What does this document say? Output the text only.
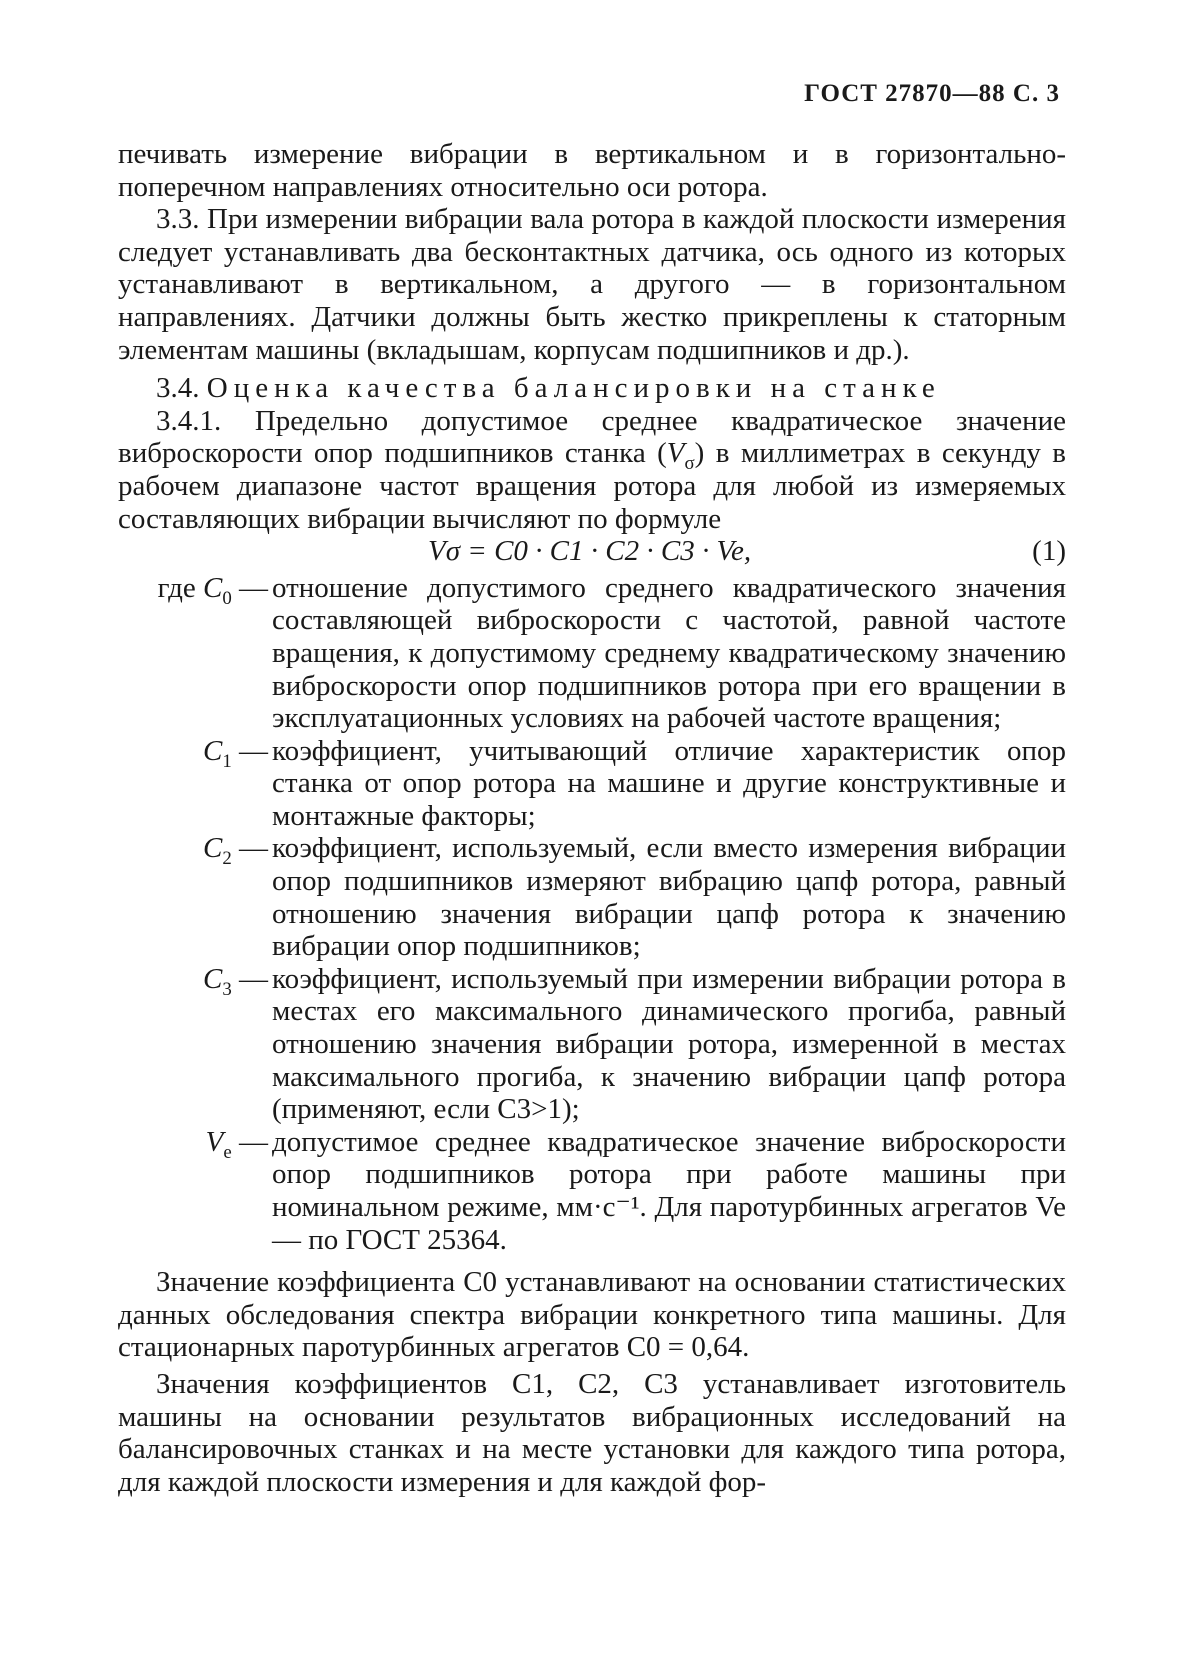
ГОСТ 27870—88 С. 3

печивать измерение вибрации в вертикальном и в горизонтально-поперечном направлениях относительно оси ротора.

3.3. При измерении вибрации вала ротора в каждой плоскости измерения следует устанавливать два бесконтактных датчика, ось одного из которых устанавливают в вертикальном, а другого — в горизонтальном направлениях. Датчики должны быть жестко прикреплены к статорным элементам машины (вкладышам, корпусам подшипников и др.).

3.4. Оценка качества балансировки на станке

3.4.1. Предельно допустимое среднее квадратическое значение виброскорости опор подшипников станка $(V_\sigma)$ в миллиметрах в секунду в рабочем диапазоне частот вращения ротора для любой из измеряемых составляющих вибрации вычисляют по формуле

Vσ = C0 · C1 · C2 · C3 · Ve,	(1)
где $C_0$ — отношение допустимого среднего квадратического значения составляющей виброскорости с частотой, равной частоте вращения, к допустимому среднему квадратическому значению виброскорости опор подшипников ротора при его вращении в эксплуатационных условиях на рабочей частоте вращения;
$C_1$ — коэффициент, учитывающий отличие характеристик опор станка от опор ротора на машине и другие конструктивные и монтажные факторы;
$C_2$ — коэффициент, используемый, если вместо измерения вибрации опор подшипников измеряют вибрацию цапф ротора, равный отношению значения вибрации цапф ротора к значению вибрации опор подшипников;
$C_3$ — коэффициент, используемый при измерении вибрации ротора в местах его максимального динамического прогиба, равный отношению значения вибрации ротора, измеренной в местах максимального прогиба, к значению вибрации цапф ротора (применяют, если C3>1);
$V_e$ — допустимое среднее квадратическое значение виброскорости опор подшипников ротора при работе машины при номинальном режиме, мм·с⁻¹. Для паротурбинных агрегатов Ve — по ГОСТ 25364.

Значение коэффициента C0 устанавливают на основании статистических данных обследования спектра вибрации конкретного типа машины. Для стационарных паротурбинных агрегатов C0 = 0,64.

Значения коэффициентов C1, C2, C3 устанавливает изготовитель машины на основании результатов вибрационных исследований на балансировочных станках и на месте установки для каждого типа ротора, для каждой плоскости измерения и для каждой фор-
